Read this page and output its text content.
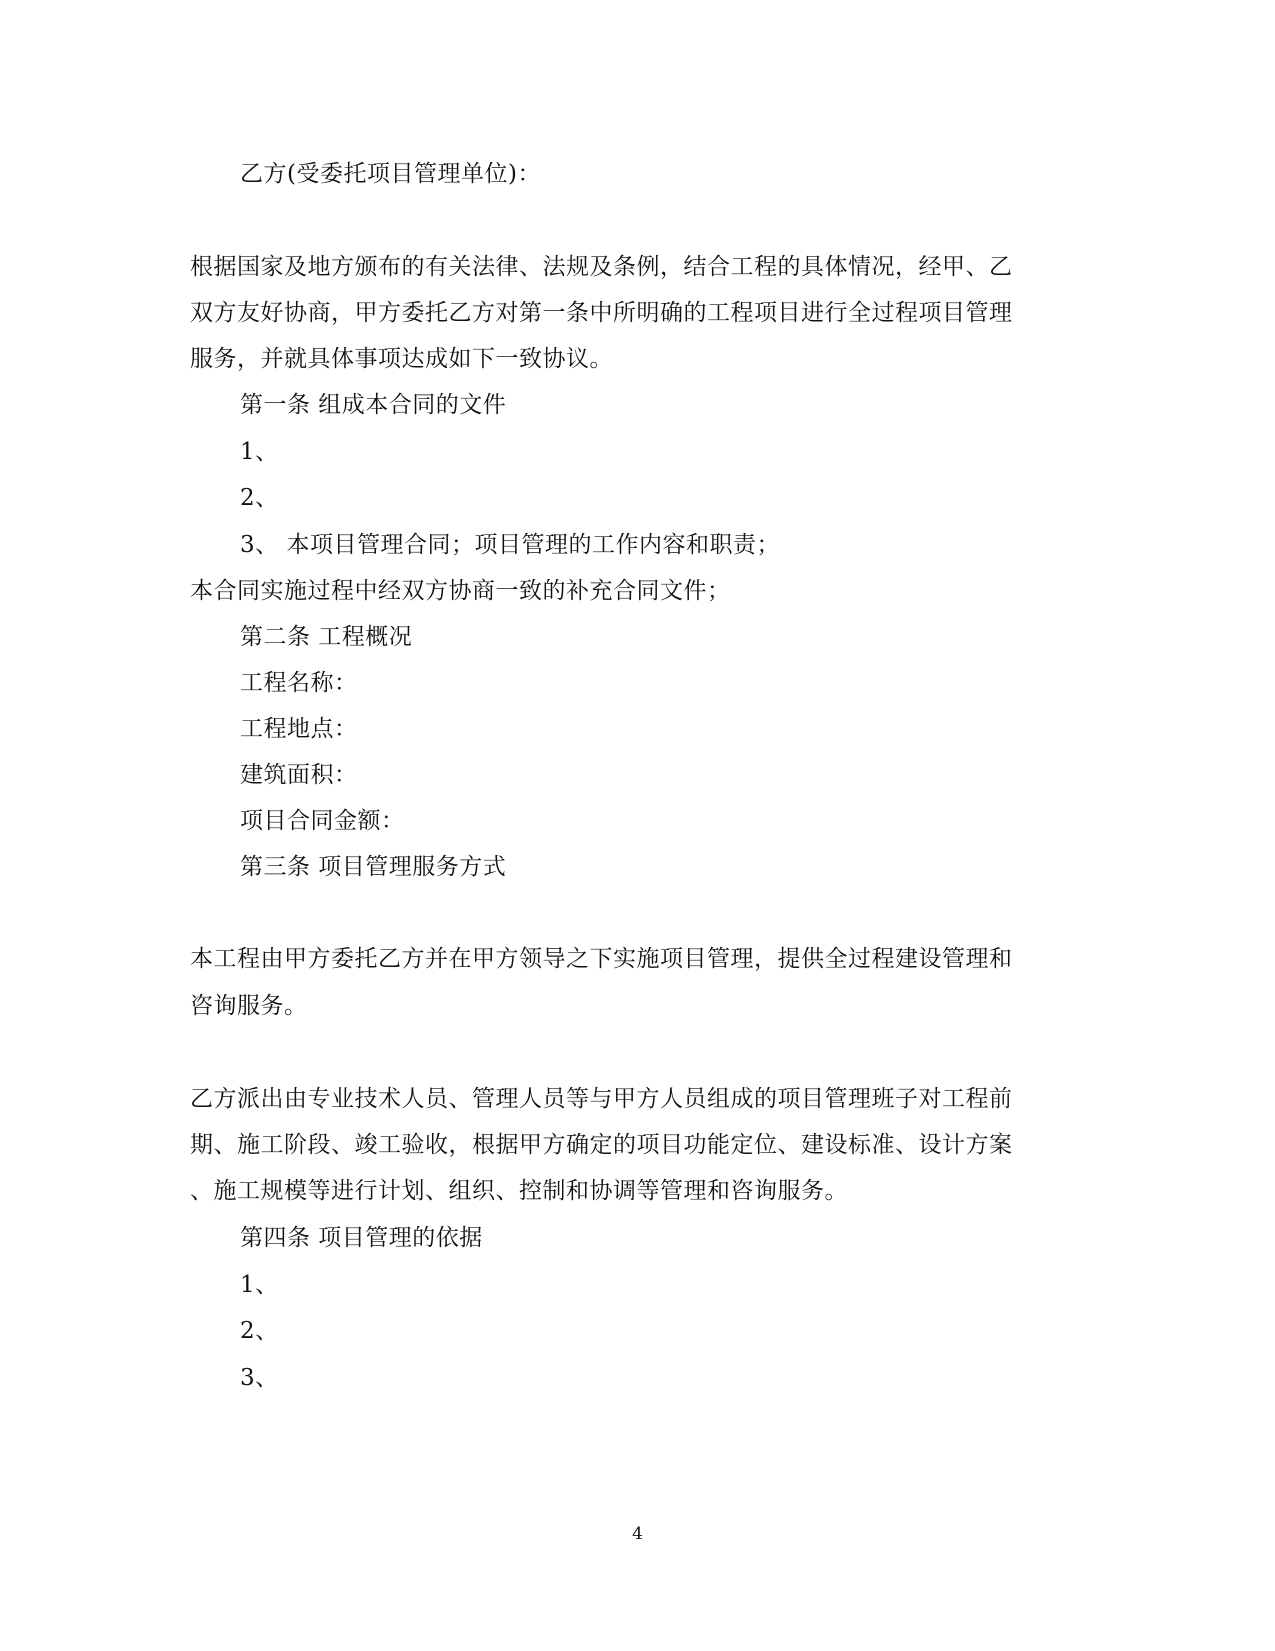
乙方(受委托项目管理单位)：
根据国家及地方颁布的有关法律、法规及条例，结合工程的具体情况，经甲、乙
双方友好协商，甲方委托乙方对第一条中所明确的工程项目进行全过程项目管理
服务，并就具体事项达成如下一致协议。
第一条 组成本合同的文件
1、
2、
3、 本项目管理合同；项目管理的工作内容和职责；
本合同实施过程中经双方协商一致的补充合同文件；
第二条 工程概况
工程名称：
工程地点：
建筑面积：
项目合同金额：
第三条 项目管理服务方式
本工程由甲方委托乙方并在甲方领导之下实施项目管理，提供全过程建设管理和
咨询服务。
乙方派出由专业技术人员、管理人员等与甲方人员组成的项目管理班子对工程前
期、施工阶段、竣工验收，根据甲方确定的项目功能定位、建设标准、设计方案
、施工规模等进行计划、组织、控制和协调等管理和咨询服务。
第四条 项目管理的依据
1、
2、
3、
4
